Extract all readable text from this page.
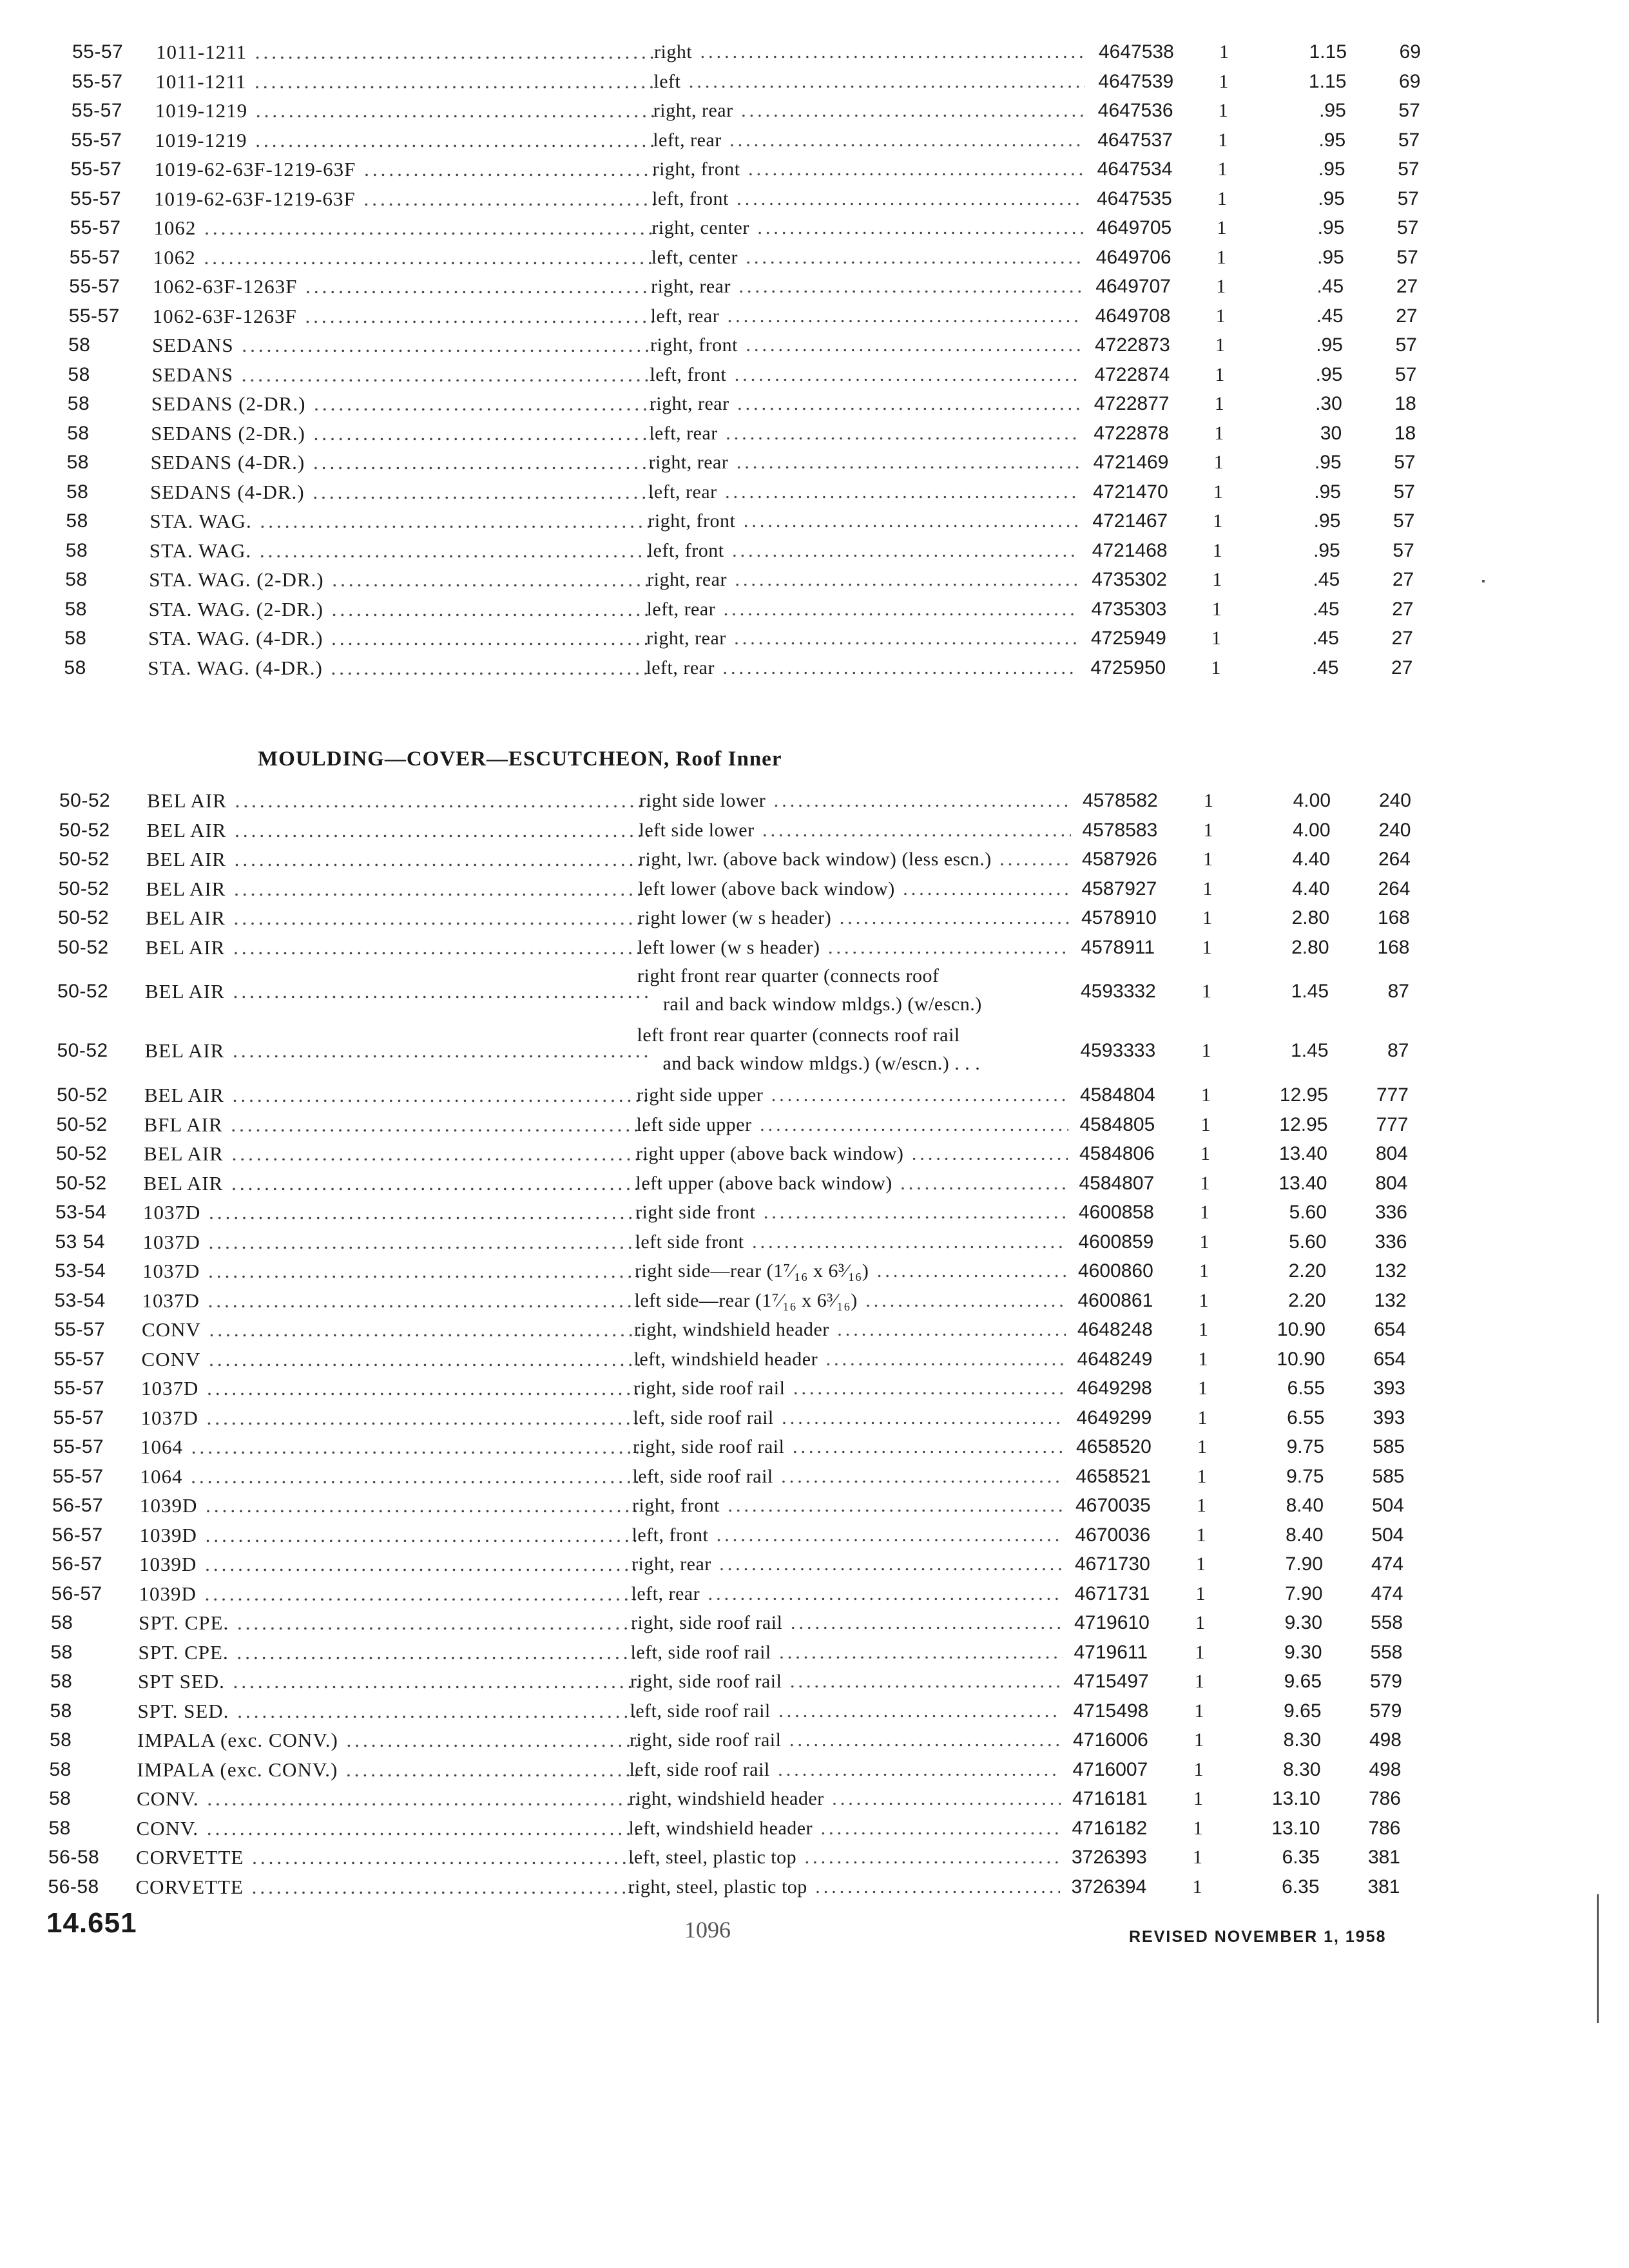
55-57 1011-1211 .....	right .....	4647538 1	1.15	69
55-57 1011-1211 .....	left .....	4647539 1	1.15	69
55-57 1019-1219 .....	right, rear .....	4647536 1	.95	57
55-57 1019-1219 .....	left, rear .....	4647537 1	.95	57
55-57 1019-62-63F-1219-63F .....	right, front .....	4647534 1	.95	57
55-57 1019-62-63F-1219-63F .....	left, front .....	4647535 1	.95	57
55-57 1062 .....	right, center .....	4649705 1	.95	57
55-57 1062 .....	left, center .....	4649706 1	.95	57
55-57 1062-63F-1263F .....	right, rear .....	4649707 1	.45	27
55-57 1062-63F-1263F .....	left, rear .....	4649708 1	.45	27
58	SEDANS .....	right, front .....	4722873 1	.95	57
58	SEDANS .....	left, front .....	4722874 1	.95	57
58	SEDANS (2-DR.) .....	right, rear .....	4722877 1	.30	18
58	SEDANS (2-DR.) .....	left, rear .....	4722878 1	30	18
58	SEDANS (4-DR.) .....	right, rear .....	4721469 1	.95	57
58	SEDANS (4-DR.) .....	left, rear .....	4721470 1	.95	57
58	STA. WAG. .....	right, front .....	4721467 1	.95	57
58	STA. WAG. .....	left, front .....	4721468 1	.95	57
58	STA. WAG. (2-DR.) .....	right, rear .....	4735302 1	.45	27
58	STA. WAG. (2-DR.) .....	left, rear .....	4735303 1	.45	27
58	STA. WAG. (4-DR.) .....	right, rear .....	4725949 1	.45	27
58	STA. WAG. (4-DR.) .....	left, rear .....	4725950 1	.45	27
MOULDING—COVER—ESCUTCHEON, Roof Inner
50-52 BEL AIR .....	right side lower .....	4578582 1	4.00	240
50-52 BEL AIR .....	left side lower .....	4578583 1	4.00	240
50-52 BEL AIR .....	right, lwr. (above back window) (less escn.) .....	4587926 1	4.40	264
50-52 BEL AIR .....	left lower (above back window) .....	4587927 1	4.40	264
50-52 BEL AIR .....	right lower (w s header) .....	4578910 1	2.80	168
50-52 BEL AIR .....	left lower (w s header) .....	4578911 1	2.80	168
50-52 BEL AIR .....
right front rear quarter (connects roof
rail and back window mldgs.) (w/escn.)
4593332 1	1.45	87
50-52 BEL AIR .....
left front rear quarter (connects roof rail
and back window mldgs.) (w/escn.) . . .
4593333 1	1.45	87
50-52 BEL AIR .....	right side upper .....	4584804 1	12.95	777
50-52 BFL AIR .....	left side upper .....	4584805 1	12.95	777
50-52 BEL AIR .....	right upper (above back window) .....	4584806 1	13.40	804
50-52 BEL AIR .....	left upper (above back window) .....	4584807 1	13.40	804
53-54 1037D .....	right side front .....	4600858 1	5.60	336
53 54 1037D .....	left side front .....	4600859 1	5.60	336
53-54 1037D .....	right side—rear (1⁷⁄₁₆ x 6³⁄₁₆) .....	4600860 1	2.20	132
53-54 1037D .....	left side—rear (1⁷⁄₁₆ x 6³⁄₁₆) .....	4600861 1	2.20	132
55-57 CONV .....	right, windshield header .....	4648248 1	10.90	654
55-57 CONV .....	left, windshield header .....	4648249 1	10.90	654
55-57 1037D .....	right, side roof rail .....	4649298 1	6.55	393
55-57 1037D .....	left, side roof rail .....	4649299 1	6.55	393
55-57 1064 .....	right, side roof rail .....	4658520 1	9.75	585
55-57 1064 .....	left, side roof rail .....	4658521 1	9.75	585
56-57 1039D .....	right, front .....	4670035 1	8.40	504
56-57 1039D .....	left, front .....	4670036 1	8.40	504
56-57 1039D .....	right, rear .....	4671730 1	7.90	474
56-57 1039D .....	left, rear .....	4671731 1	7.90	474
58	SPT. CPE. .....	right, side roof rail .....	4719610 1	9.30	558
58	SPT. CPE. .....	left, side roof rail .....	4719611 1	9.30	558
58	SPT SED. .....	right, side roof rail .....	4715497 1	9.65	579
58	SPT. SED. .....	left, side roof rail .....	4715498 1	9.65	579
58	IMPALA (exc. CONV.) .....	right, side roof rail .....	4716006 1	8.30	498
58	IMPALA (exc. CONV.) .....	left, side roof rail .....	4716007 1	8.30	498
58	CONV. .....	right, windshield header .....	4716181 1	13.10	786
58	CONV. .....	left, windshield header .....	4716182 1	13.10	786
56-58 CORVETTE .....	left, steel, plastic top .....	3726393 1	6.35	381
56-58 CORVETTE .....	right, steel, plastic top .....	3726394 1	6.35	381
14.651	1096	REVISED NOVEMBER 1, 1958
